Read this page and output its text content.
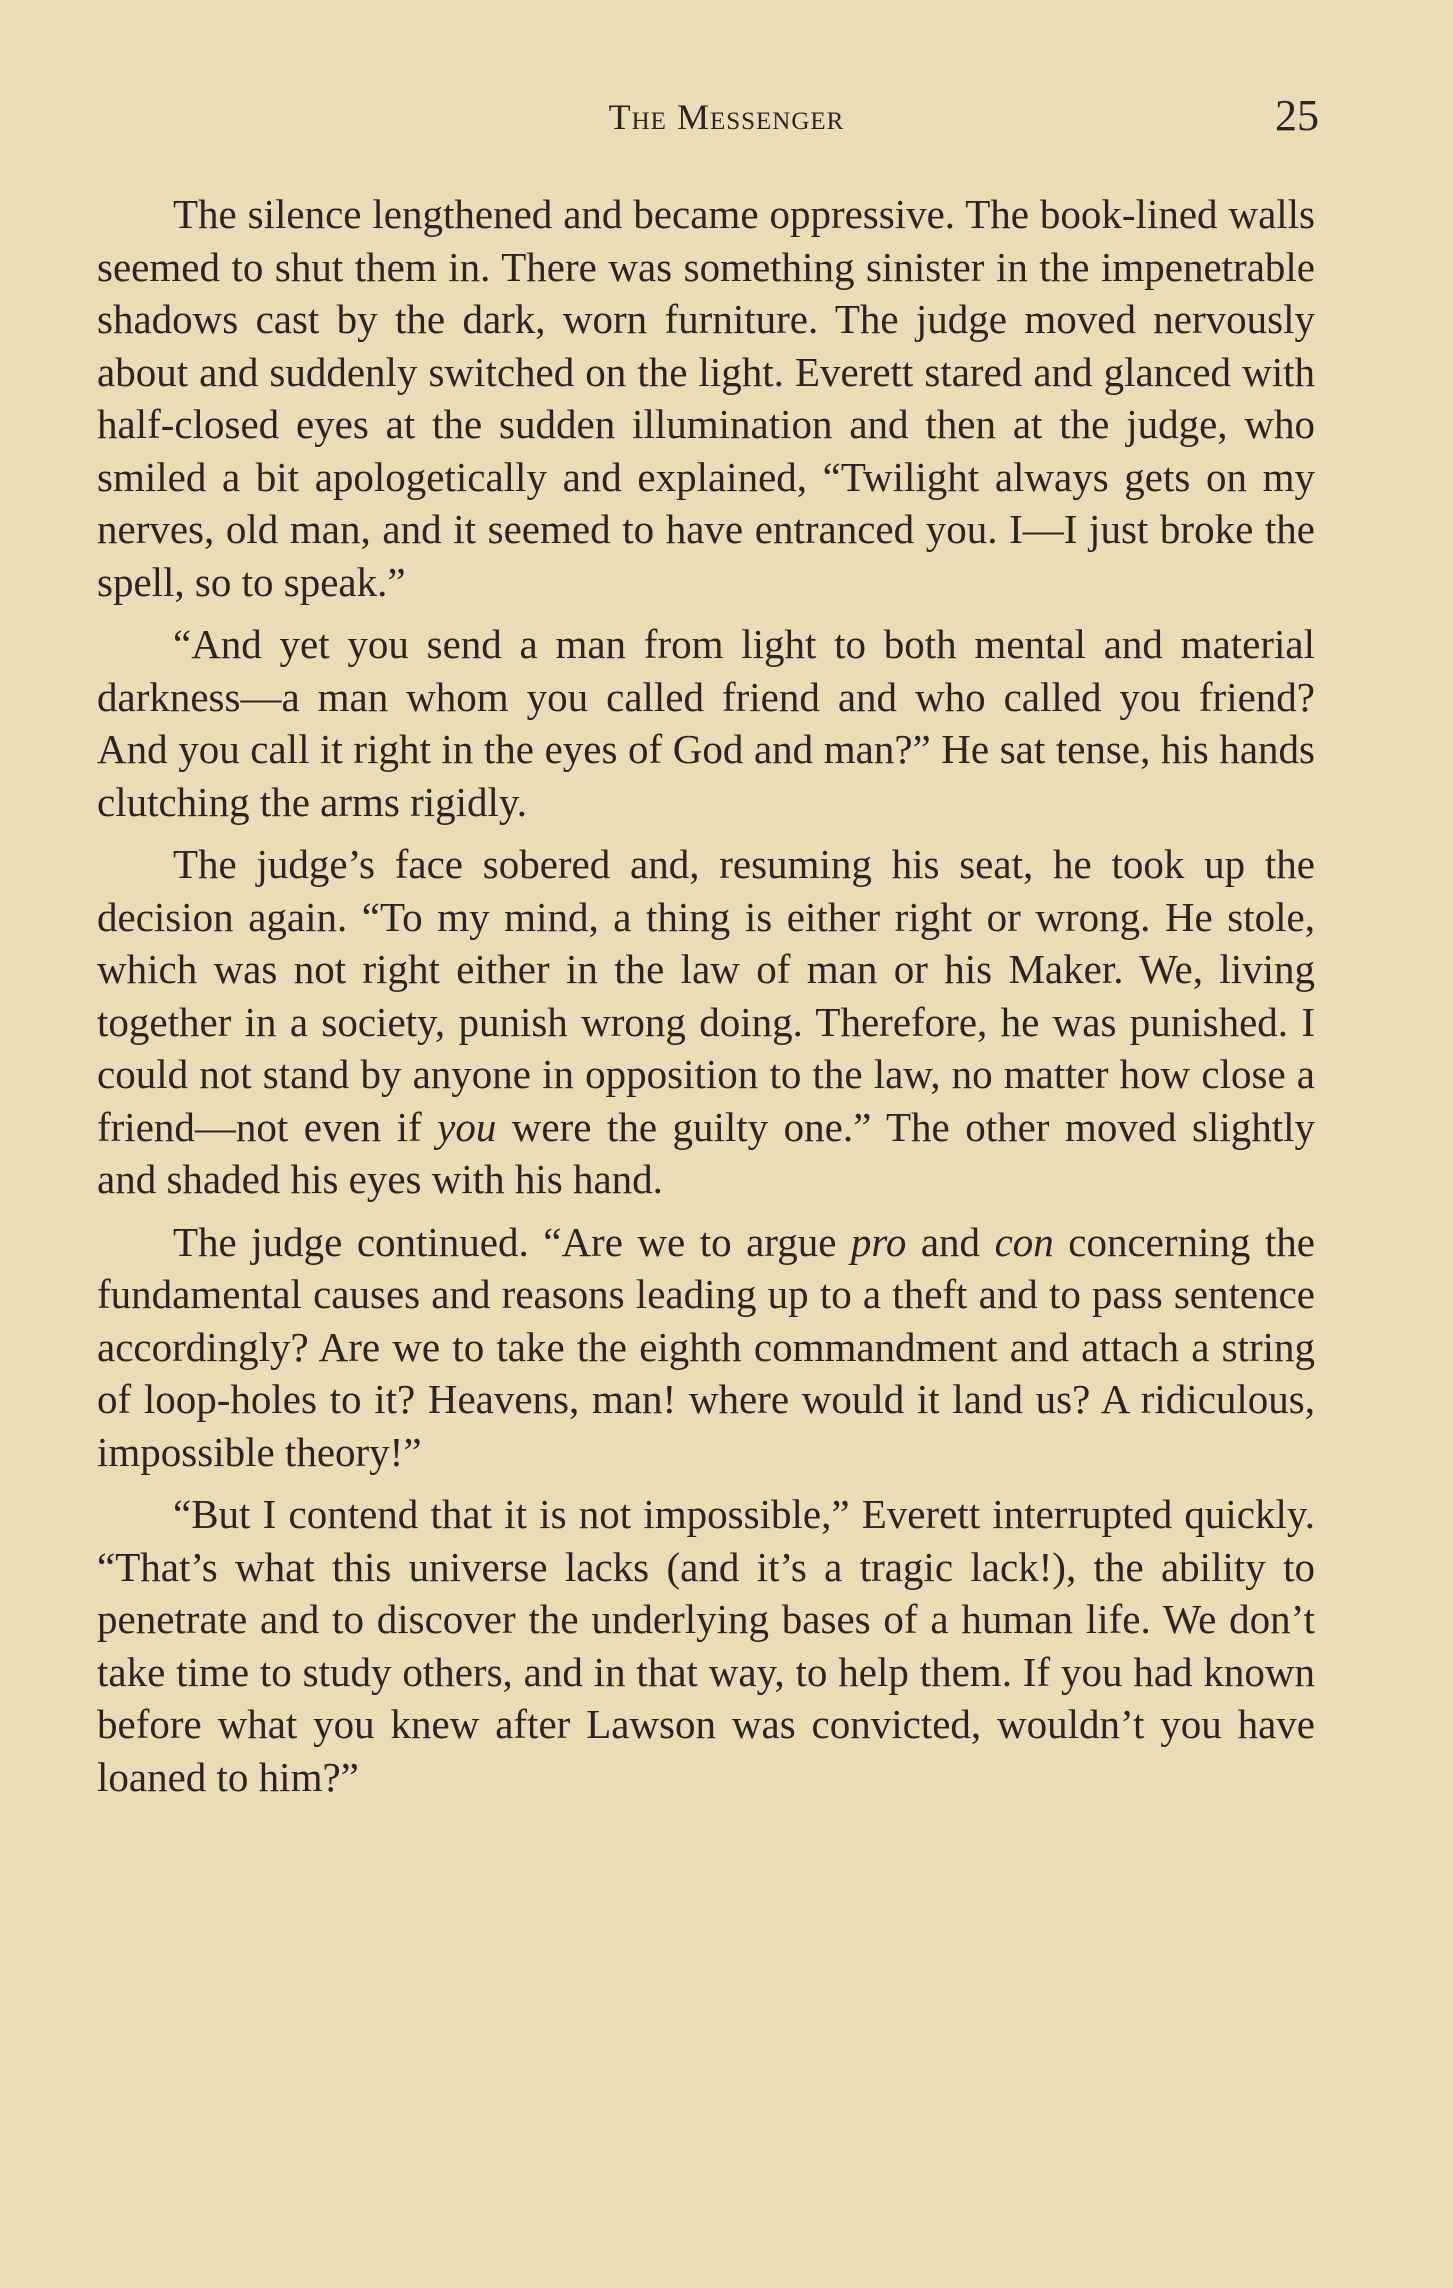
The Messenger	25

The silence lengthened and became oppressive. The book-lined walls seemed to shut them in. There was something sinister in the impenetrable shadows cast by the dark, worn furniture. The judge moved nervously about and suddenly switched on the light. Everett stared and glanced with half-closed eyes at the sudden illumination and then at the judge, who smiled a bit apologetically and explained, “Twilight always gets on my nerves, old man, and it seemed to have entranced you. I—I just broke the spell, so to speak.”

“And yet you send a man from light to both mental and material darkness—a man whom you called friend and who called you friend? And you call it right in the eyes of God and man?” He sat tense, his hands clutching the arms rigidly.

The judge’s face sobered and, resuming his seat, he took up the decision again. “To my mind, a thing is either right or wrong. He stole, which was not right either in the law of man or his Maker. We, living together in a society, punish wrong doing. Therefore, he was punished. I could not stand by anyone in opposition to the law, no matter how close a friend—not even if you were the guilty one.” The other moved slightly and shaded his eyes with his hand.

The judge continued. “Are we to argue pro and con concerning the fundamental causes and reasons leading up to a theft and to pass sentence accordingly? Are we to take the eighth commandment and attach a string of loop-holes to it? Heavens, man! where would it land us? A ridiculous, impossible theory!”

“But I contend that it is not impossible,” Everett interrupted quickly. “That’s what this universe lacks (and it’s a tragic lack!), the ability to penetrate and to discover the underlying bases of a human life. We don’t take time to study others, and in that way, to help them. If you had known before what you knew after Lawson was convicted, wouldn’t you have loaned to him?”
